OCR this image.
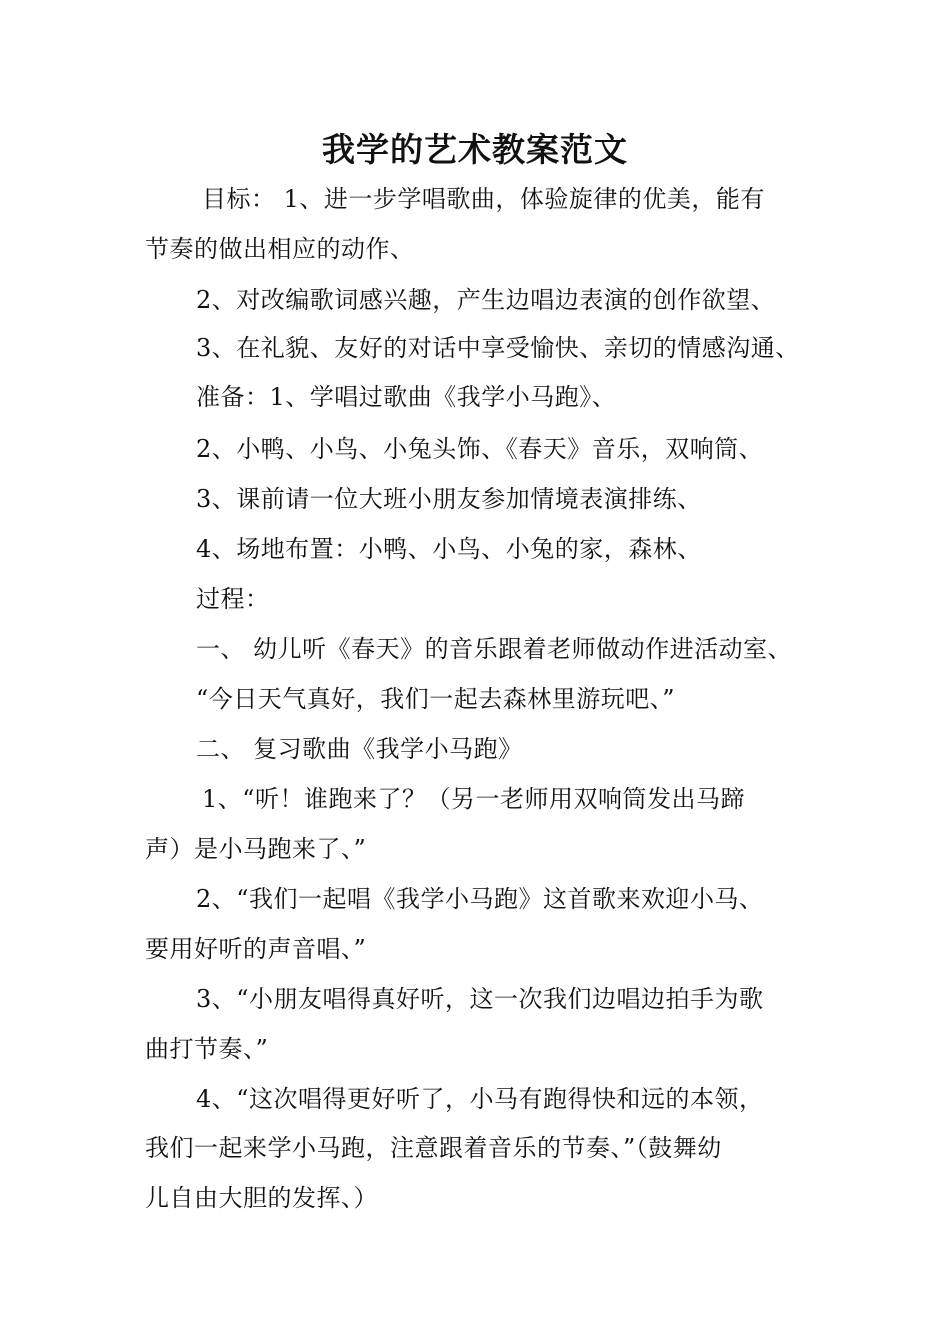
我学的艺术教案范文
目标： 1、进一步学唱歌曲，体验旋律的优美，能有
节奏的做出相应的动作、
2、对改编歌词感兴趣，产生边唱边表演的创作欲望、
3、在礼貌、友好的对话中享受愉快、亲切的情感沟通、
准备：1、学唱过歌曲《我学小马跑》、
2、小鸭、小鸟、小兔头饰、《春天》音乐，双响筒、
3、课前请一位大班小朋友参加情境表演排练、
4、场地布置：小鸭、小鸟、小兔的家，森林、
过程：
一、 幼儿听《春天》的音乐跟着老师做动作进活动室、
“今日天气真好，我们一起去森林里游玩吧、”
二、 复习歌曲《我学小马跑》
1、“听！谁跑来了？（另一老师用双响筒发出马蹄
声）是小马跑来了、”
2、“我们一起唱《我学小马跑》这首歌来欢迎小马、
要用好听的声音唱、”
3、“小朋友唱得真好听，这一次我们边唱边拍手为歌
曲打节奏、”
4、“这次唱得更好听了，小马有跑得快和远的本领，
我们一起来学小马跑，注意跟着音乐的节奏、”（鼓舞幼
儿自由大胆的发挥、）
